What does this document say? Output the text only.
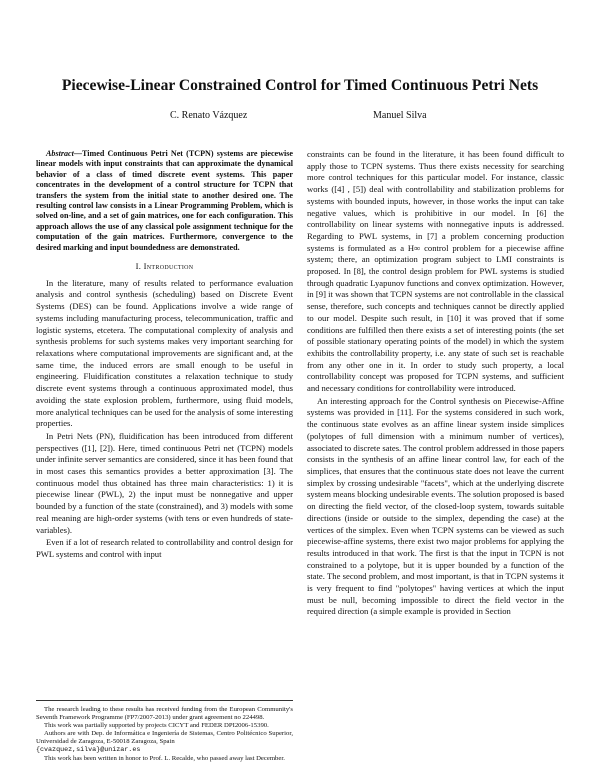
Piecewise-Linear Constrained Control for Timed Continuous Petri Nets
C. Renato Vázquez	Manuel Silva

Abstract—Timed Continuous Petri Net (TCPN) systems are piecewise linear models with input constraints that can approximate the dynamical behavior of a class of timed discrete event systems. This paper concentrates in the development of a control structure for TCPN that transfers the system from the initial state to another desired one. The resulting control law consists in a Linear Programming Problem, which is solved on-line, and a set of gain matrices, one for each configuration. This approach allows the use of any classical pole assignment technique for the computation of the gain matrices. Furthermore, convergence to the desired marking and input boundedness are demonstrated.

I. Introduction

In the literature, many of results related to performance evaluation analysis and control synthesis (scheduling) based on Discrete Event Systems (DES) can be found. Applications involve a wide range of systems including manufacturing process, telecommunication, traffic and logistic systems, etcetera. The computational complexity of analysis and synthesis problems for such systems makes very important searching for relaxations where computational improvements are significant and, at the same time, the induced errors are small enough to be useful in engineering. Fluidification constitutes a relaxation technique to study discrete event systems through a continuous approximated model, thus avoiding the state explosion problem, furthermore, using fluid models, more analytical techniques can be used for the analysis of some interesting properties.

In Petri Nets (PN), fluidification has been introduced from different perspectives ([1], [2]). Here, timed continuous Petri net (TCPN) models under infinite server semantics are considered, since it has been found that in most cases this semantics provides a better approximation [3]. The continuous model thus obtained has three main characteristics: 1) it is piecewise linear (PWL), 2) the input must be nonnegative and upper bounded by a function of the state (constrained), and 3) models with some real meaning are high-order systems (with tens or even hundreds of state-variables).

Even if a lot of research related to controllability and control design for PWL systems and control with input

constraints can be found in the literature, it has been found difficult to apply those to TCPN systems. Thus there exists necessity for searching more control techniques for this particular model. For instance, classic works ([4] , [5]) deal with controllability and stabilization problems for systems with bounded inputs, however, in those works the input can take negative values, which is prohibitive in our model. In [6] the controllability on linear systems with nonnegative inputs is addressed. Regarding to PWL systems, in [7] a problem concerning production systems is formulated as a H∞ control problem for a piecewise affine system; there, an optimization program subject to LMI constraints is proposed. In [8], the control design problem for PWL systems is studied through quadratic Lyapunov functions and convex optimization. However, in [9] it was shown that TCPN systems are not controllable in the classical sense, therefore, such concepts and techniques cannot be directly applied to our model. Despite such result, in [10] it was proved that if some conditions are fulfilled then there exists a set of interesting points (the set of possible stationary operating points of the model) in which the system exhibits the controllability property, i.e. any state of such set is reachable from any other one in it. In order to study such property, a local controllability concept was proposed for TCPN systems, and sufficient and necessary conditions for controllability were introduced.

An interesting approach for the Control synthesis on Piecewise-Affine systems was provided in [11]. For the systems considered in such work, the continuous state evolves as an affine linear system inside simplices (polytopes of full dimension with a minimum number of vertices), associated to discrete sates. The control problem addressed in those papers consists in the synthesis of an affine linear control law, for each of the simplices, that ensures that the continuous state does not leave the current simplex by crossing undesirable "facets", which at the underlying discrete system means blocking undesirable events. The solution proposed is based on directing the field vector, of the closed-loop system, towards suitable directions (inside or outside to the simplex, depending the case) at the vertices of the simplex. Even when TCPN systems can be viewed as such piecewise-affine systems, there exist two major problems for applying the results introduced in that work. The first is that the input in TCPN is not constrained to a polytope, but it is upper bounded by a function of the state. The second problem, and most important, is that in TCPN systems it is very frequent to find "polytopes" having vertices at which the input must be null, becoming impossible to direct the field vector in the required direction (a simple example is provided in Section

The research leading to these results has received funding from the European Community's Seventh Framework Programme (FP7/2007-2013) under grant agreement no 224498.

This work was partially supported by projects CICYT and FEDER DPI2006-15390.

Authors are with Dep. de Informática e Ingeniería de Sistemas, Centro Politécnico Superior, Universidad de Zaragoza, E-50018 Zaragoza, Spain

{cvazquez,silva}@unizar.es

This work has been written in honor to Prof. L. Recalde, who passed away last December.
